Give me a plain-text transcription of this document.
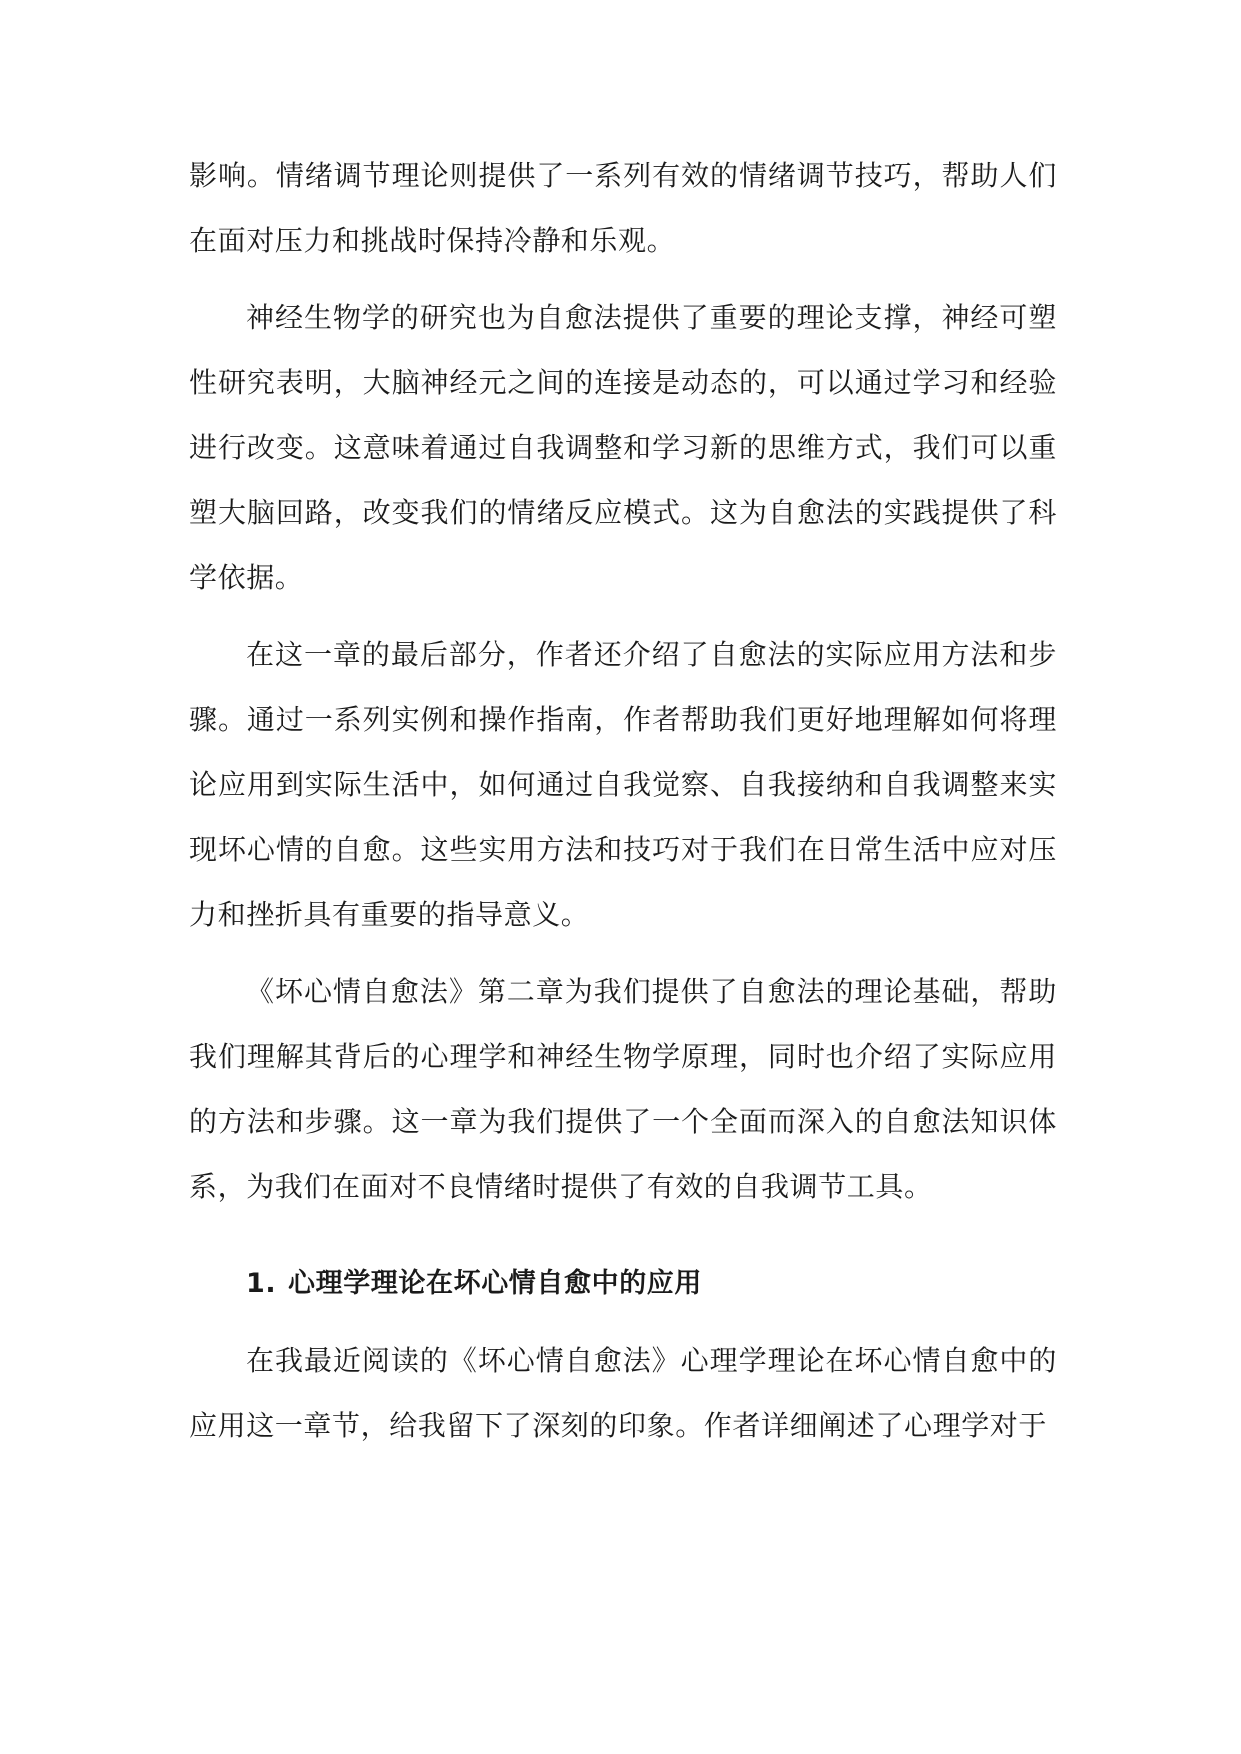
影响。情绪调节理论则提供了一系列有效的情绪调节技巧，帮助人们在面对压力和挑战时保持冷静和乐观。

神经生物学的研究也为自愈法提供了重要的理论支撑，神经可塑性研究表明，大脑神经元之间的连接是动态的，可以通过学习和经验进行改变。这意味着通过自我调整和学习新的思维方式，我们可以重塑大脑回路，改变我们的情绪反应模式。这为自愈法的实践提供了科学依据。

在这一章的最后部分，作者还介绍了自愈法的实际应用方法和步骤。通过一系列实例和操作指南，作者帮助我们更好地理解如何将理论应用到实际生活中，如何通过自我觉察、自我接纳和自我调整来实现坏心情的自愈。这些实用方法和技巧对于我们在日常生活中应对压力和挫折具有重要的指导意义。

《坏心情自愈法》第二章为我们提供了自愈法的理论基础，帮助我们理解其背后的心理学和神经生物学原理，同时也介绍了实际应用的方法和步骤。这一章为我们提供了一个全面而深入的自愈法知识体系，为我们在面对不良情绪时提供了有效的自我调节工具。

1. 心理学理论在坏心情自愈中的应用

在我最近阅读的《坏心情自愈法》心理学理论在坏心情自愈中的应用这一章节，给我留下了深刻的印象。作者详细阐述了心理学对于
